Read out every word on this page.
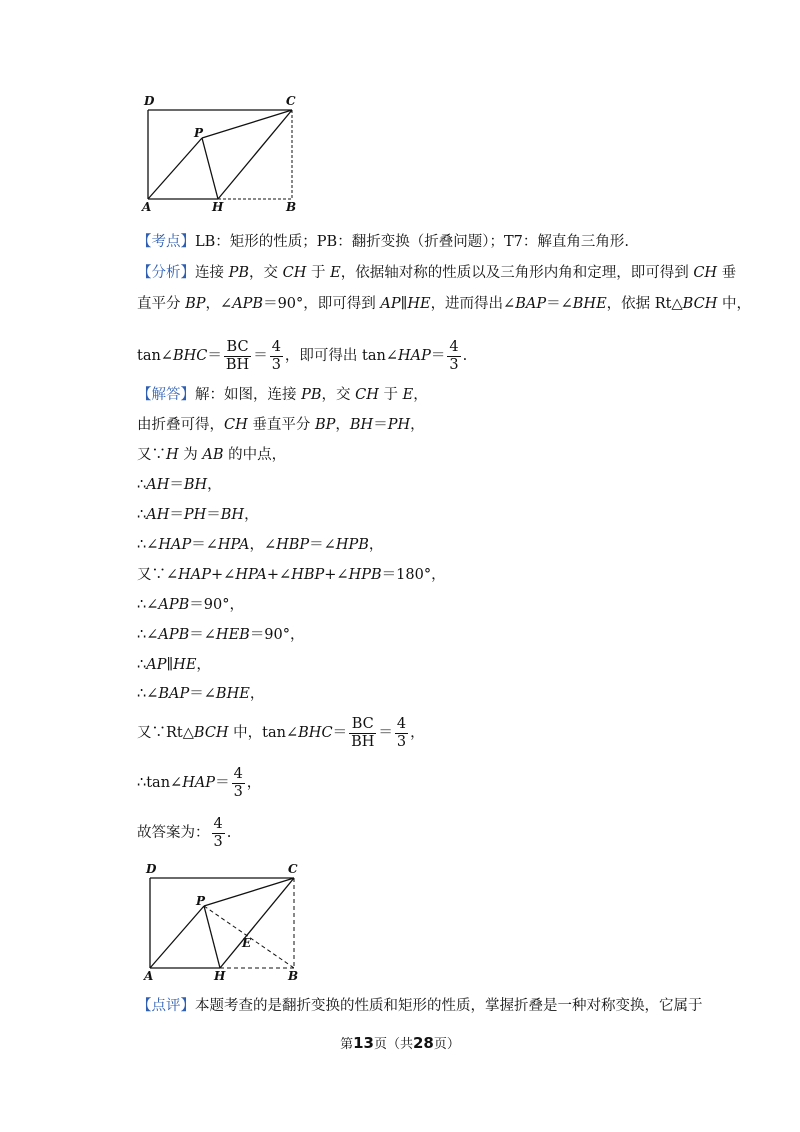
D	C
P
A	H	B
【考点】LB：矩形的性质；PB：翻折变换（折叠问题）；T7：解直角三角形.
【分析】连接 PB，交 CH 于 E，依据轴对称的性质以及三角形内角和定理，即可得到 CH 垂
直平分 BP，∠APB＝90°，即可得到 AP∥HE，进而得出∠BAP＝∠BHE，依据 Rt△BCH 中，
tan∠BHC＝ $\frac{BC}{BH} = \frac{4}{3}$ ，即可得出 tan∠HAP＝ $\frac{4}{3}$ .
【解答】解：如图，连接 PB，交 CH 于 E，
由折叠可得，CH 垂直平分 BP，BH＝PH，
又∵H 为 AB 的中点，
∴AH＝BH，
∴AH＝PH＝BH，
∴∠HAP＝∠HPA，∠HBP＝∠HPB，
又∵∠HAP+∠HPA+∠HBP+∠HPB＝180°，
∴∠APB＝90°，
∴∠APB＝∠HEB＝90°，
∴AP∥HE，
∴∠BAP＝∠BHE，
又∵Rt△BCH 中，tan∠BHC＝ $\frac{BC}{BH} = \frac{4}{3}$ ，
∴tan∠HAP＝ $\frac{4}{3}$ ，
故答案为： $\frac{4}{3}$ .
D	C
P
E
A	H	B
【点评】本题考查的是翻折变换的性质和矩形的性质，掌握折叠是一种对称变换，它属于
第13页（共28页）
